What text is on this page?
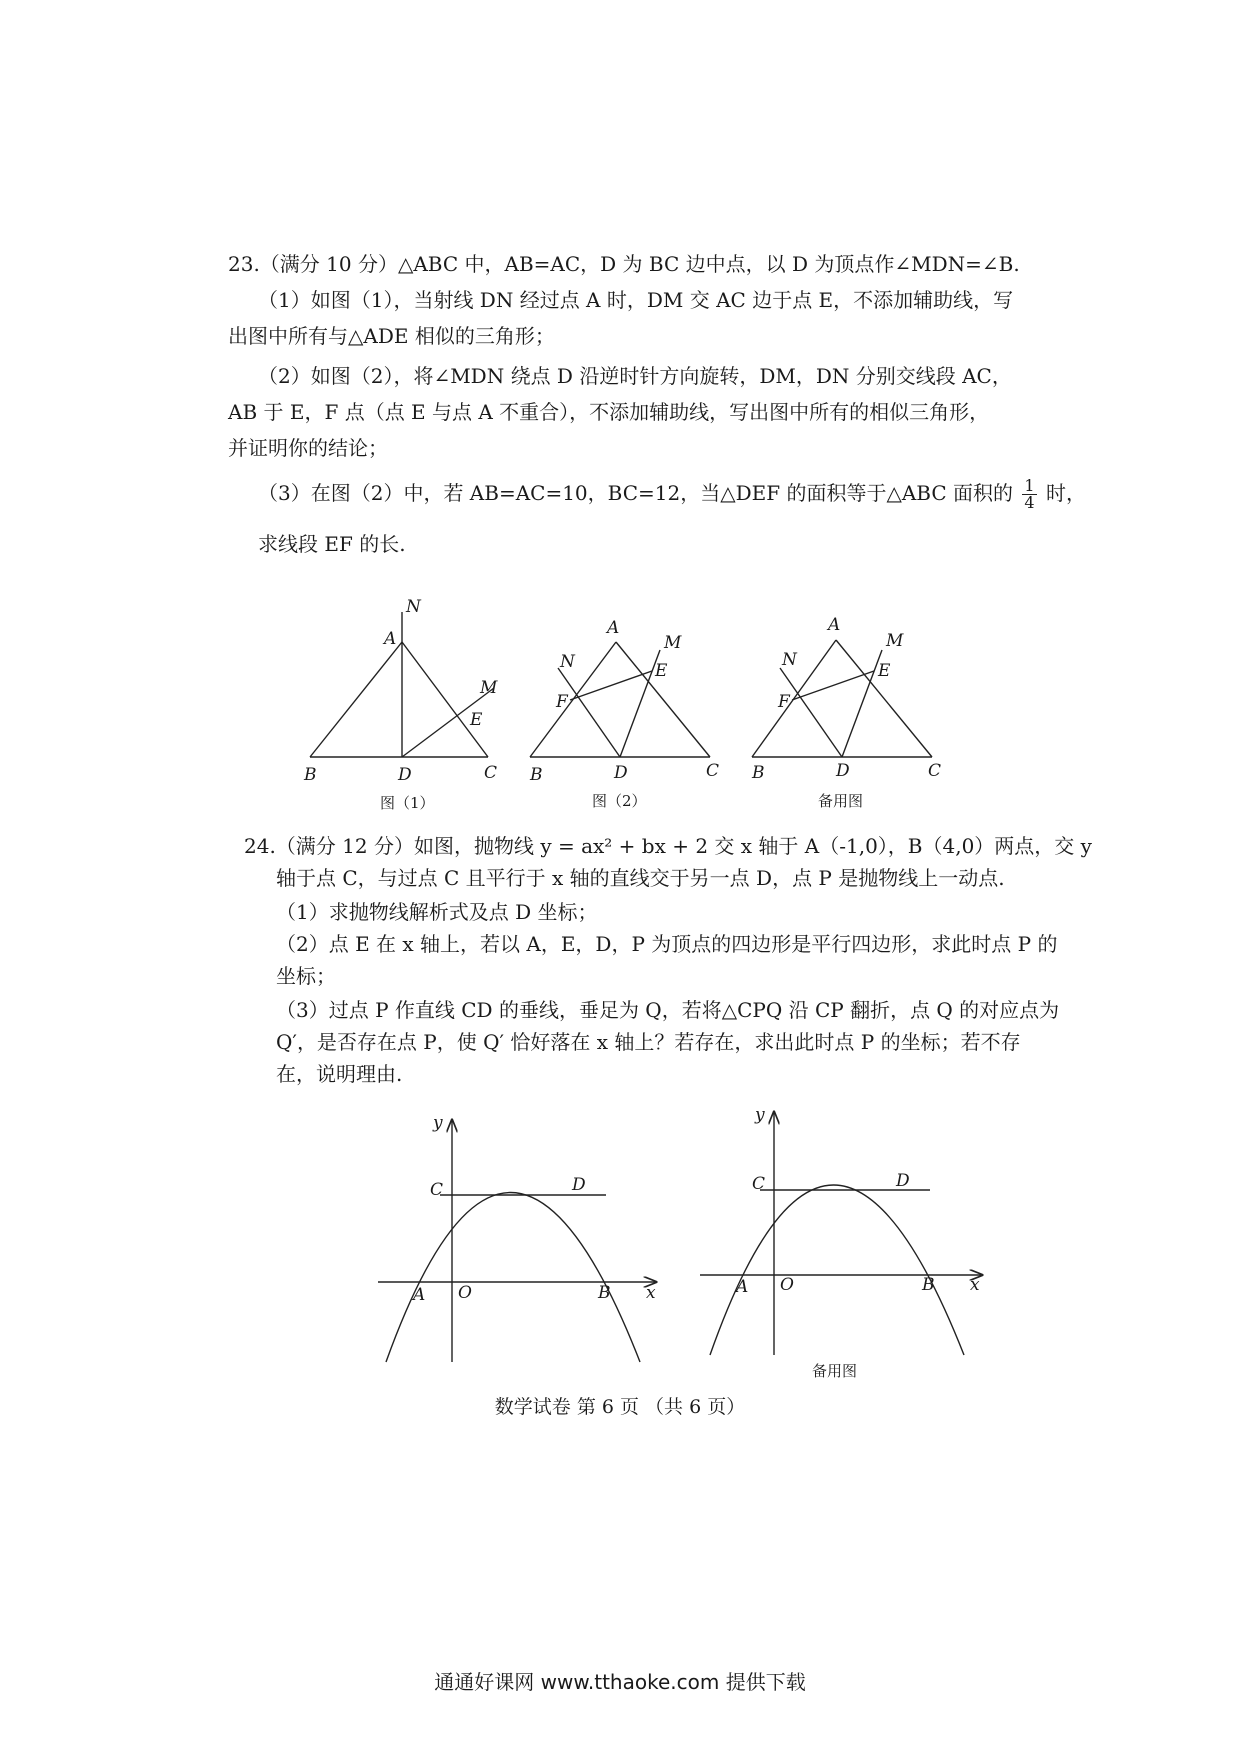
23.（满分 10 分）△ABC 中，AB=AC，D 为 BC 边中点，以 D 为顶点作∠MDN=∠B.
（1）如图（1），当射线 DN 经过点 A 时，DM 交 AC 边于点 E，不添加辅助线，写
出图中所有与△ADE 相似的三角形；
（2）如图（2），将∠MDN 绕点 D 沿逆时针方向旋转，DM，DN 分别交线段 AC，
AB 于 E，F 点（点 E 与点 A 不重合），不添加辅助线，写出图中所有的相似三角形，
并证明你的结论；
（3）在图（2）中，若 AB=AC=10，BC=12，当△DEF 的面积等于△ABC 面积的 $\frac{1}{4}$ 时，
求线段 EF 的长.
N
A
M
E
B	D	C
图（1）
A
M
N	E
F
B	D	C
图（2）
A
M
N
E
F
B	D	C
备用图
24.（满分 12 分）如图，抛物线 y = ax² + bx + 2 交 x 轴于 A（-1,0），B（4,0）两点，交 y
轴于点 C，与过点 C 且平行于 x 轴的直线交于另一点 D，点 P 是抛物线上一动点.
（1）求抛物线解析式及点 D 坐标；
（2）点 E 在 x 轴上，若以 A，E，D，P 为顶点的四边形是平行四边形，求此时点 P 的
坐标；
（3）过点 P 作直线 CD 的垂线，垂足为 Q，若将△CPQ 沿 CP 翻折，点 Q 的对应点为
Q′，是否存在点 P，使 Q′ 恰好落在 x 轴上？若存在，求出此时点 P 的坐标；若不存
在，说明理由.
y
C	D
A O	B x
y
C	D
A O	B x
备用图
数学试卷 第 6 页 （共 6 页）
通通好课网 www.tthaoke.com 提供下载
